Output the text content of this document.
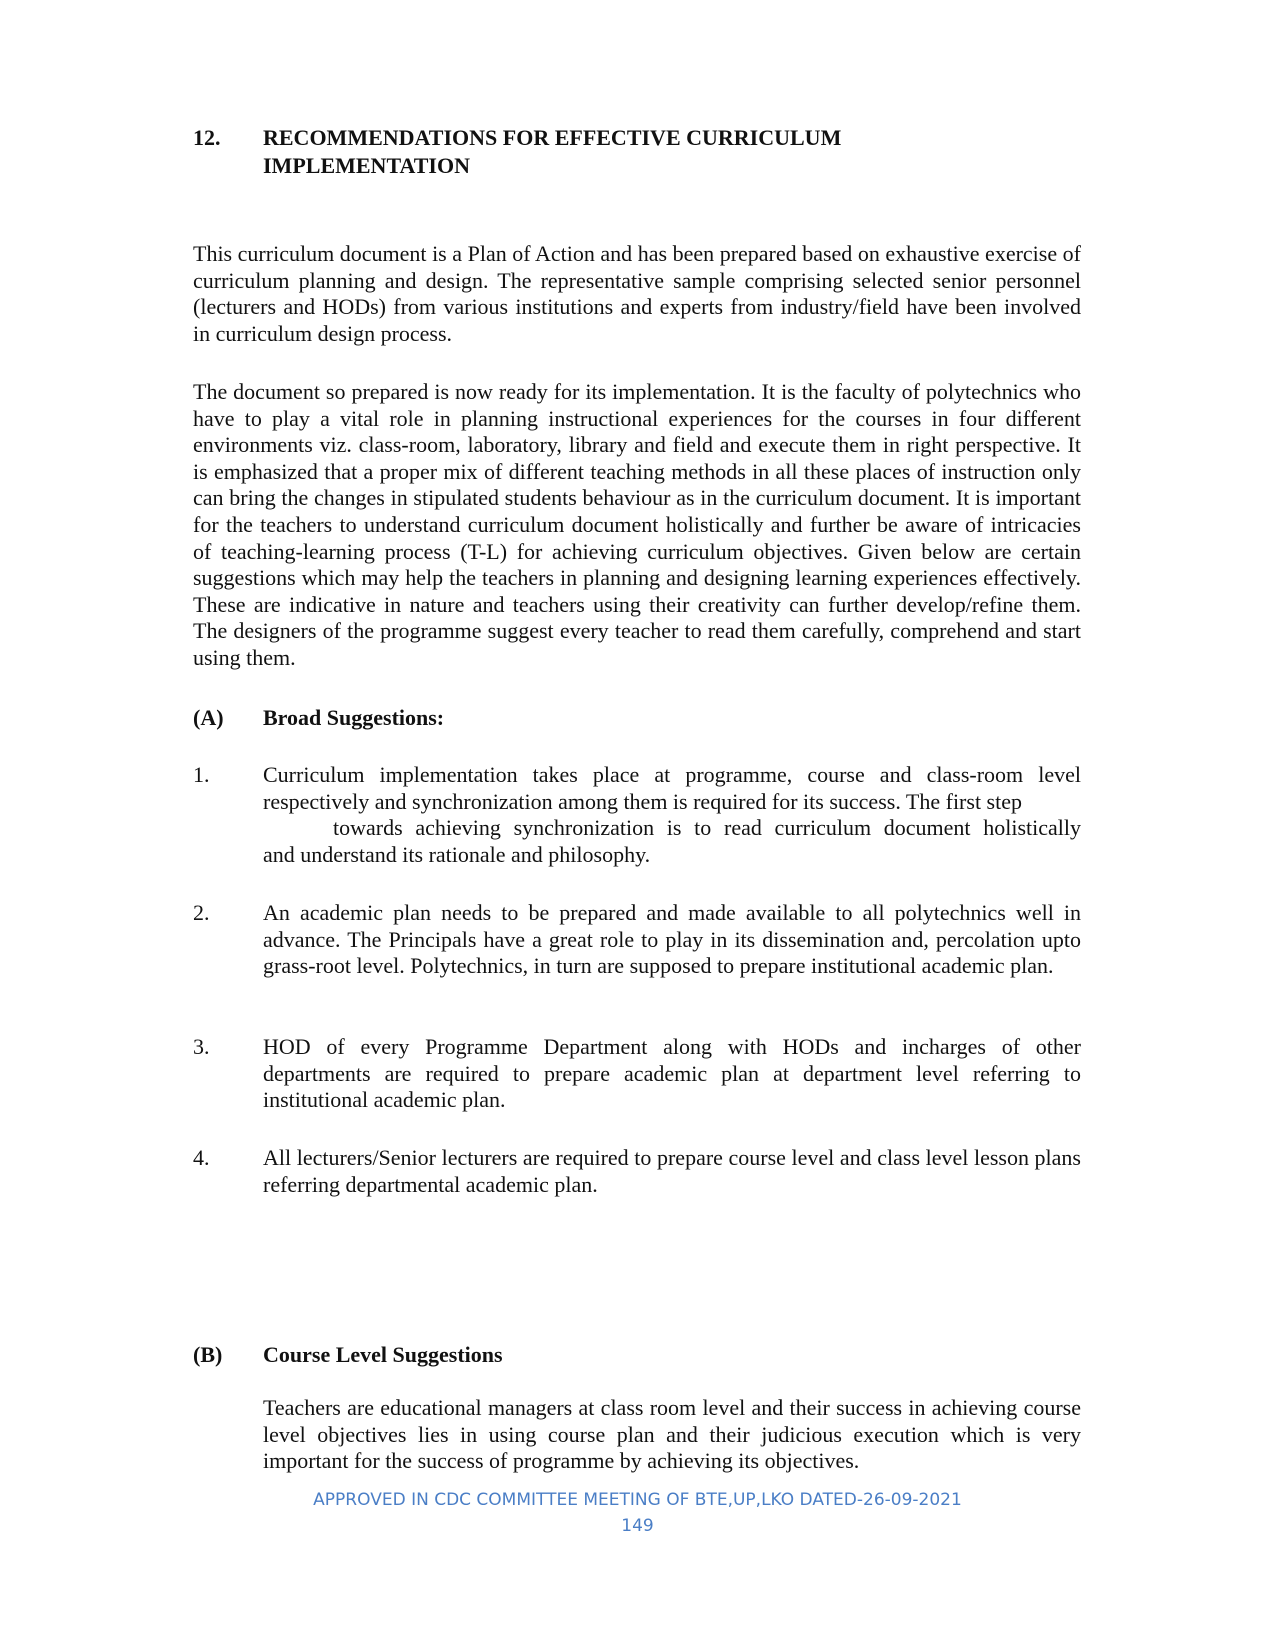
12.	RECOMMENDATIONS FOR EFFECTIVE CURRICULUM IMPLEMENTATION
This curriculum document is a Plan of Action and has been prepared based on exhaustive exercise of curriculum planning and design. The representative sample comprising selected senior personnel (lecturers and HODs) from various institutions and experts from industry/field have been involved in curriculum design process.
The document so prepared is now ready for its implementation. It is the faculty of polytechnics who have to play a vital role in planning instructional experiences for the courses in four different environments viz. class-room, laboratory, library and field and execute them in right perspective. It is emphasized that a proper mix of different teaching methods in all these places of instruction only can bring the changes in stipulated students behaviour as in the curriculum document. It is important for the teachers to understand curriculum document holistically and further be aware of intricacies of teaching-learning process (T-L) for achieving curriculum objectives. Given below are certain suggestions which may help the teachers in planning and designing learning experiences effectively. These are indicative in nature and teachers using their creativity can further develop/refine them. The designers of the programme suggest every teacher to read them carefully, comprehend and start using them.
(A)	Broad Suggestions:
1.	Curriculum implementation takes place at programme, course and class-room level respectively and synchronization among them is required for its success. The first step
towards achieving synchronization is to read curriculum document holistically
and understand its rationale and philosophy.
2.	An academic plan needs to be prepared and made available to all polytechnics well in advance. The Principals have a great role to play in its dissemination and, percolation upto grass-root level. Polytechnics, in turn are supposed to prepare institutional academic plan.
3.	HOD of every Programme Department along with HODs and incharges of other departments are required to prepare academic plan at department level referring to institutional academic plan.
4.	All lecturers/Senior lecturers are required to prepare course level and class level lesson plans referring departmental academic plan.
(B)	Course Level Suggestions
Teachers are educational managers at class room level and their success in achieving course level objectives lies in using course plan and their judicious execution which is very important for the success of programme by achieving its objectives.
APPROVED IN CDC COMMITTEE MEETING OF BTE,UP,LKO DATED-26-09-2021
149
